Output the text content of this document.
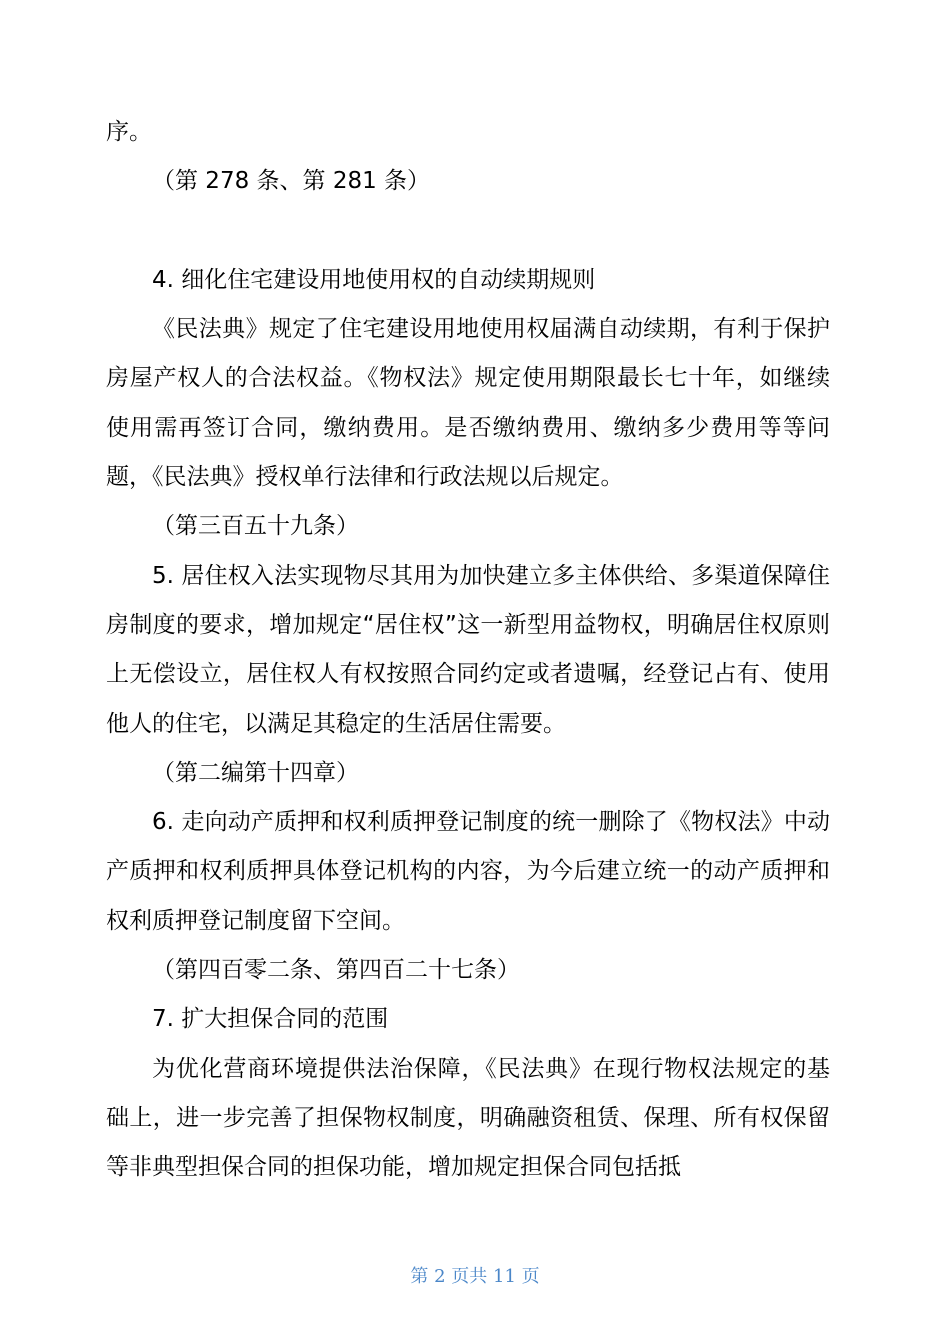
序。

（第 278 条、第 281 条）

4. 细化住宅建设用地使用权的自动续期规则

《民法典》规定了住宅建设用地使用权届满自动续期，有利于保护房屋产权人的合法权益。《物权法》规定使用期限最长七十年，如继续使用需再签订合同，缴纳费用。是否缴纳费用、缴纳多少费用等等问题，《民法典》授权单行法律和行政法规以后规定。

（第三百五十九条）

5. 居住权入法实现物尽其用为加快建立多主体供给、多渠道保障住房制度的要求，增加规定“居住权”这一新型用益物权，明确居住权原则上无偿设立，居住权人有权按照合同约定或者遗嘱，经登记占有、使用他人的住宅，以满足其稳定的生活居住需要。

（第二编第十四章）

6. 走向动产质押和权利质押登记制度的统一删除了《物权法》中动产质押和权利质押具体登记机构的内容，为今后建立统一的动产质押和权利质押登记制度留下空间。

（第四百零二条、第四百二十七条）

7. 扩大担保合同的范围

为优化营商环境提供法治保障，《民法典》在现行物权法规定的基础上，进一步完善了担保物权制度，明确融资租赁、保理、所有权保留等非典型担保合同的担保功能，增加规定担保合同包括抵

第 2 页共 11 页
